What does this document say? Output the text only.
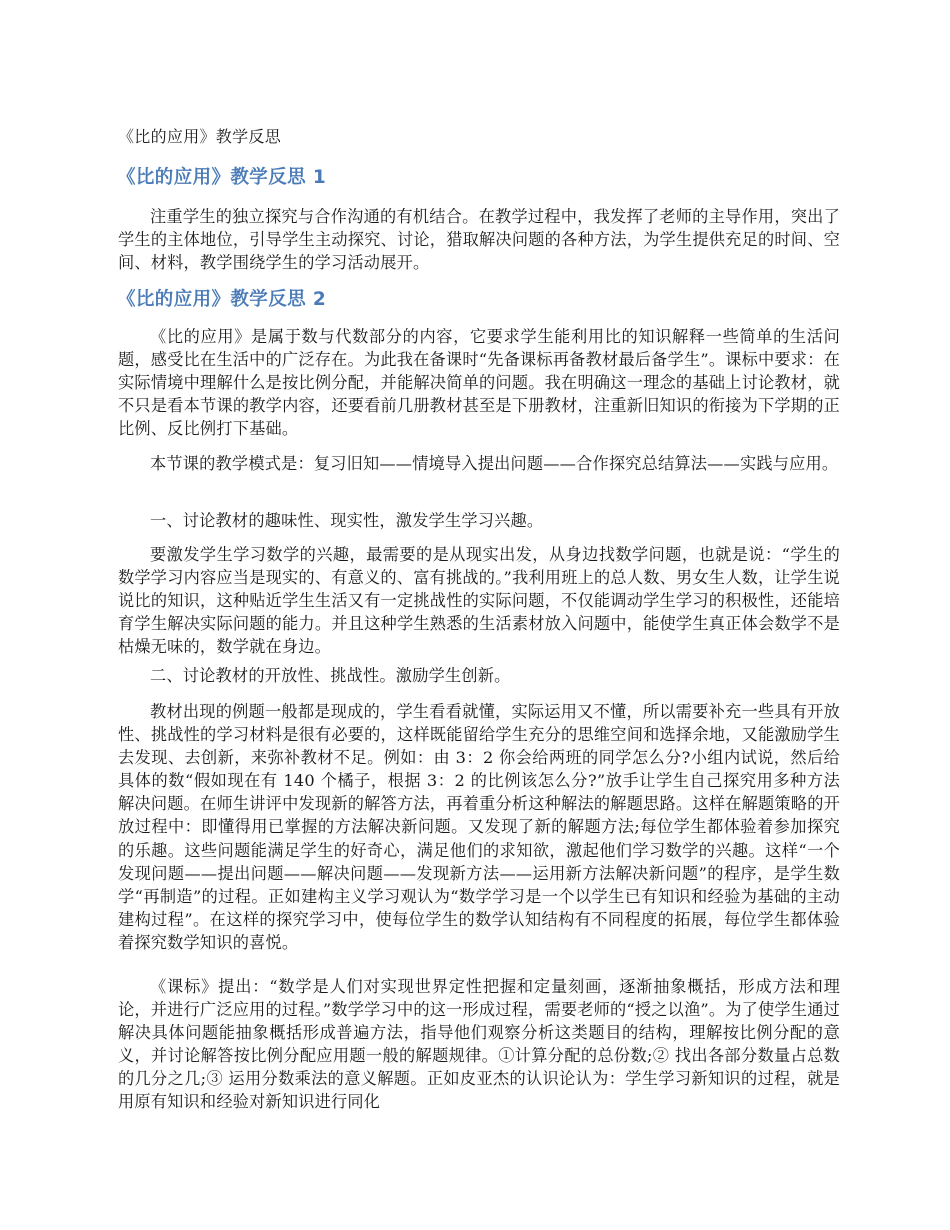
《比的应用》教学反思
《比的应用》教学反思 1

注重学生的独立探究与合作沟通的有机结合。在教学过程中，我发挥了老师的主导作用，突出了学生的主体地位，引导学生主动探究、讨论，猎取解决问题的各种方法，为学生提供充足的时间、空间、材料，教学围绕学生的学习活动展开。

《比的应用》教学反思 2

《比的应用》是属于数与代数部分的内容，它要求学生能利用比的知识解释一些简单的生活问题，感受比在生活中的广泛存在。为此我在备课时“先备课标再备教材最后备学生”。课标中要求：在实际情境中理解什么是按比例分配，并能解决简单的问题。我在明确这一理念的基础上讨论教材，就不只是看本节课的教学内容，还要看前几册教材甚至是下册教材，注重新旧知识的衔接为下学期的正比例、反比例打下基础。

本节课的教学模式是：复习旧知——情境导入提出问题——合作探究总结算法——实践与应用。

一、讨论教材的趣味性、现实性，激发学生学习兴趣。

要激发学生学习数学的兴趣，最需要的是从现实出发，从身边找数学问题，也就是说：“学生的数学学习内容应当是现实的、有意义的、富有挑战的。”我利用班上的总人数、男女生人数，让学生说说比的知识，这种贴近学生生活又有一定挑战性的实际问题，不仅能调动学生学习的积极性，还能培育学生解决实际问题的能力。并且这种学生熟悉的生活素材放入问题中，能使学生真正体会数学不是枯燥无味的，数学就在身边。

二、讨论教材的开放性、挑战性。激励学生创新。

教材出现的例题一般都是现成的，学生看看就懂，实际运用又不懂，所以需要补充一些具有开放性、挑战性的学习材料是很有必要的，这样既能留给学生充分的思维空间和选择余地，又能激励学生去发现、去创新，来弥补教材不足。例如：由 3：2 你会给两班的同学怎么分?小组内试说，然后给具体的数“假如现在有 140 个橘子，根据 3：2 的比例该怎么分?”放手让学生自己探究用多种方法解决问题。在师生讲评中发现新的解答方法，再着重分析这种解法的解题思路。这样在解题策略的开放过程中：即懂得用已掌握的方法解决新问题。又发现了新的解题方法;每位学生都体验着参加探究的乐趣。这些问题能满足学生的好奇心，满足他们的求知欲，激起他们学习数学的兴趣。这样“一个发现问题——提出问题——解决问题——发现新方法——运用新方法解决新问题”的程序，是学生数学“再制造”的过程。正如建构主义学习观认为“数学学习是一个以学生已有知识和经验为基础的主动建构过程”。在这样的探究学习中，使每位学生的数学认知结构有不同程度的拓展，每位学生都体验着探究数学知识的喜悦。

《课标》提出：“数学是人们对实现世界定性把握和定量刻画，逐渐抽象概括，形成方法和理论，并进行广泛应用的过程。”数学学习中的这一形成过程，需要老师的“授之以渔”。为了使学生通过解决具体问题能抽象概括形成普遍方法，指导他们观察分析这类题目的结构，理解按比例分配的意义，并讨论解答按比例分配应用题一般的解题规律。①计算分配的总份数;② 找出各部分数量占总数的几分之几;③ 运用分数乘法的意义解题。正如皮亚杰的认识论认为：学生学习新知识的过程，就是用原有知识和经验对新知识进行同化
